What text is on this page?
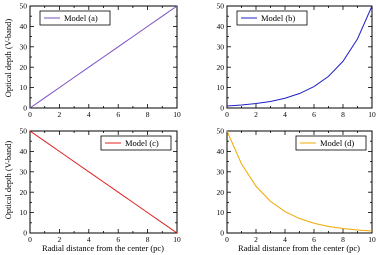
0	2	4	6	8	10
0
10
20
30
40
50
Model (a)
0	2	4	6	8	10
0
10
20
30
40
50
Model (b)
0	2	4	6	8	10
0
10
20
30
40
50
Model (c)
0	2	4	6	8	10
0
10
20
30
40
50
Model (d)
Optical depth (V-band)
Optical depth (V-band)
Radial distance from the center (pc)	Radial distance from the center (pc)
